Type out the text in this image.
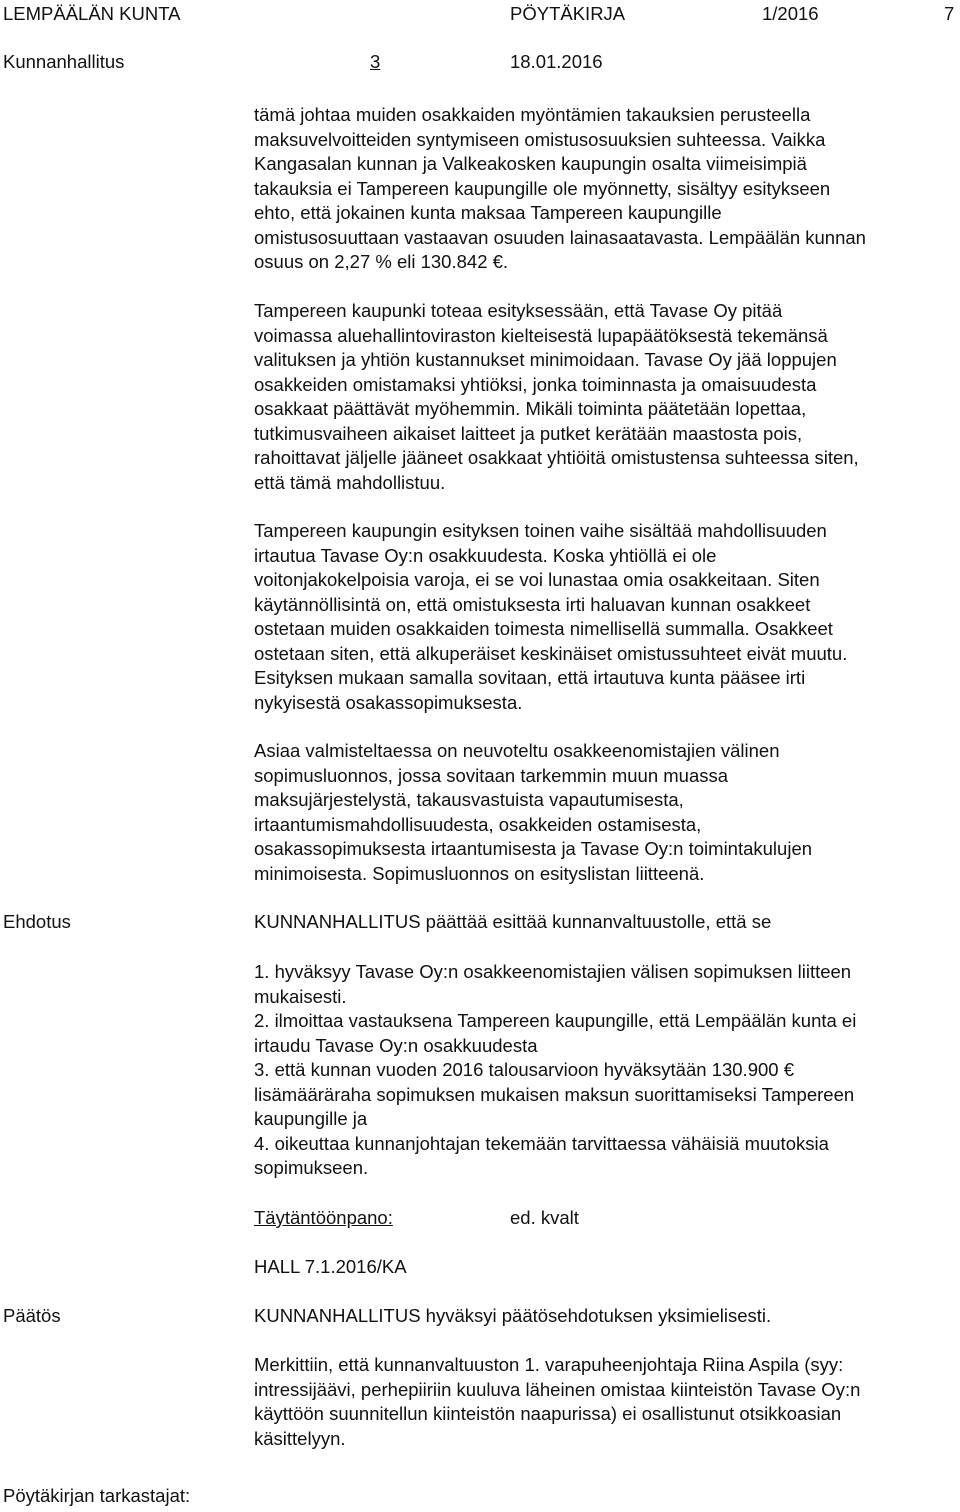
LEMPÄÄLÄN KUNTA	PÖYTÄKIRJA	1/2016	7
Kunnanhallitus	3	18.01.2016
tämä johtaa muiden osakkaiden myöntämien takauksien perusteella
maksuvelvoitteiden syntymiseen omistusosuuksien suhteessa. Vaikka
Kangasalan kunnan ja Valkeakosken kaupungin osalta viimeisimpiä
takauksia ei Tampereen kaupungille ole myönnetty, sisältyy esitykseen
ehto, että jokainen kunta maksaa Tampereen kaupungille
omistusosuuttaan vastaavan osuuden lainasaatavasta. Lempäälän kunnan
osuus on 2,27 % eli 130.842 €.
Tampereen kaupunki toteaa esityksessään, että Tavase Oy pitää
voimassa aluehallintoviraston kielteisestä lupapäätöksestä tekemänsä
valituksen ja yhtiön kustannukset minimoidaan. Tavase Oy jää loppujen
osakkeiden omistamaksi yhtiöksi, jonka toiminnasta ja omaisuudesta
osakkaat päättävät myöhemmin. Mikäli toiminta päätetään lopettaa,
tutkimusvaiheen aikaiset laitteet ja putket kerätään maastosta pois,
rahoittavat jäljelle jääneet osakkaat yhtiöitä omistustensa suhteessa siten,
että tämä mahdollistuu.
Tampereen kaupungin esityksen toinen vaihe sisältää mahdollisuuden
irtautua Tavase Oy:n osakkuudesta. Koska yhtiöllä ei ole
voitonjakokelpoisia varoja, ei se voi lunastaa omia osakkeitaan. Siten
käytännöllisintä on, että omistuksesta irti haluavan kunnan osakkeet
ostetaan muiden osakkaiden toimesta nimellisellä summalla. Osakkeet
ostetaan siten, että alkuperäiset keskinäiset omistussuhteet eivät muutu.
Esityksen mukaan samalla sovitaan, että irtautuva kunta pääsee irti
nykyisestä osakassopimuksesta.
Asiaa valmisteltaessa on neuvoteltu osakkeenomistajien välinen
sopimusluonnos, jossa sovitaan tarkemmin muun muassa
maksujärjestelystä, takausvastuista vapautumisesta,
irtaantumismahdollisuudesta, osakkeiden ostamisesta,
osakassopimuksesta irtaantumisesta ja Tavase Oy:n toimintakulujen
minimoisesta. Sopimusluonnos on esityslistan liitteenä.
Ehdotus	KUNNANHALLITUS päättää esittää kunnanvaltuustolle, että se
1. hyväksyy Tavase Oy:n osakkeenomistajien välisen sopimuksen liitteen
mukaisesti.
2. ilmoittaa vastauksena Tampereen kaupungille, että Lempäälän kunta ei
irtaudu Tavase Oy:n osakkuudesta
3. että kunnan vuoden 2016 talousarvioon hyväksytään 130.900 €
lisämääräraha sopimuksen mukaisen maksun suorittamiseksi Tampereen
kaupungille ja
4. oikeuttaa kunnanjohtajan tekemään tarvittaessa vähäisiä muutoksia
sopimukseen.
Täytäntöönpano:	ed. kvalt
HALL 7.1.2016/KA
Päätös	KUNNANHALLITUS hyväksyi päätösehdotuksen yksimielisesti.
Merkittiin, että kunnanvaltuuston 1. varapuheenjohtaja Riina Aspila (syy:
intressijäävi, perhepiiriin kuuluva läheinen omistaa kiinteistön Tavase Oy:n
käyttöön suunnitellun kiinteistön naapurissa) ei osallistunut otsikkoasian
käsittelyyn.
Pöytäkirjan tarkastajat:
